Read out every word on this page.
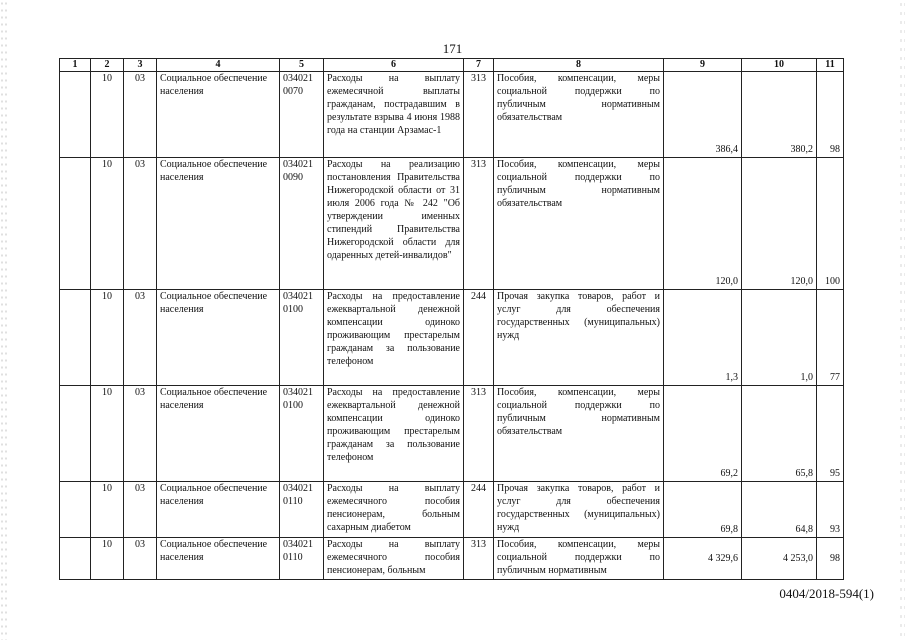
171
1	2	3	4	5	6	7	8	9	10	11
	10	03	Социальное обеспечение населения	034021 0070	Расходы на выплату ежемесячной выплаты гражданам, пострадавшим в результате взрыва 4 июня 1988 года на станции Арзамас-1	313	Пособия, компенсации, меры социальной поддержки по публичным нормативным обязательствам	386,4	380,2	98
	10	03	Социальное обеспечение населения	034021 0090	Расходы на реализацию постановления Правительства Нижегородской области от 31 июля 2006 года № 242 "Об утверждении именных стипендий Правительства Нижегородской области для одаренных детей-инвалидов"	313	Пособия, компенсации, меры социальной поддержки по публичным нормативным обязательствам	120,0	120,0	100
	10	03	Социальное обеспечение населения	034021 0100	Расходы на предоставление ежеквартальной денежной компенсации одиноко проживающим престарелым гражданам за пользование телефоном	244	Прочая закупка товаров, работ и услуг для обеспечения государственных (муниципальных) нужд	1,3	1,0	77
	10	03	Социальное обеспечение населения	034021 0100	Расходы на предоставление ежеквартальной денежной компенсации одиноко проживающим престарелым гражданам за пользование телефоном	313	Пособия, компенсации, меры социальной поддержки по публичным нормативным обязательствам	69,2	65,8	95
	10	03	Социальное обеспечение населения	034021 0110	Расходы на выплату ежемесячного пособия пенсионерам, больным сахарным диабетом	244	Прочая закупка товаров, работ и услуг для обеспечения государственных (муниципальных) нужд	69,8	64,8	93
	10	03	Социальное обеспечение населения	034021 0110	Расходы на выплату ежемесячного пособия пенсионерам, больным	313	Пособия, компенсации, меры социальной поддержки по публичным нормативным	4 329,6	4 253,0	98
0404/2018-594(1)
